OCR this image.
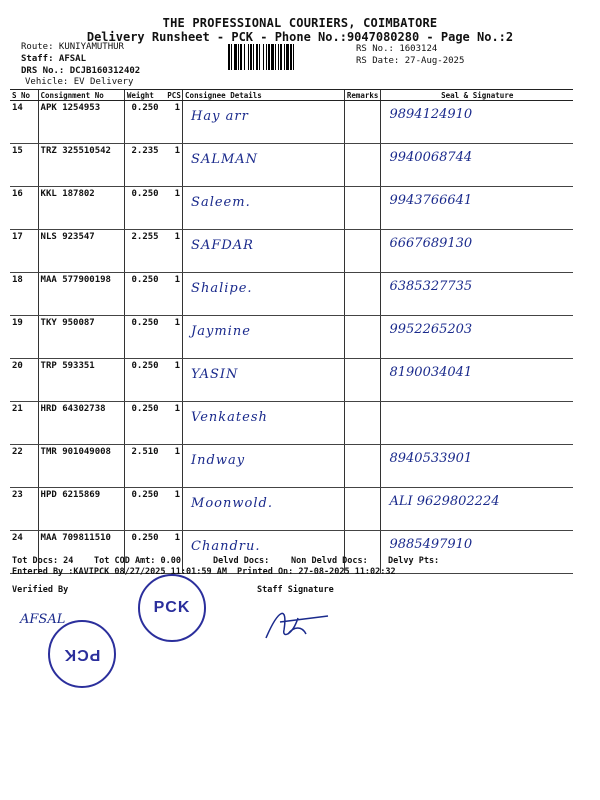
THE PROFESSIONAL COURIERS, COIMBATORE
Delivery Runsheet - PCK - Phone No.:9047080280 - Page No.:2
Route: KUNIYAMUTHUR
Staff: AFSAL
DRS No.: DCJB160312402
Vehicle: EV Delivery
RS No.: 1603124
RS Date: 27-Aug-2025
S No	Consignment No	Weight	PCS	Consignee Details	Remarks	Seal & Signature
14	APK 1254953	0.250	1	Hay arr		9894124910

15	TRZ 325510542	2.235	1	SALMAN		9940068744

16	KKL 187802	0.250	1	Saleem.		9943766641

17	NLS 923547	2.255	1	SAFDAR		6667689130

18	MAA 577900198	0.250	1	Shalipe.		6385327735

19	TKY 950087	0.250	1	Jaymine		9952265203

20	TRP 593351	0.250	1	YASIN		8190034041

21	HRD 64302738	0.250	1	Venkatesh		

22	TMR 901049008	2.510	1	Indway		8940533901

23	HPD 6215869	0.250	1	Moonwold.		ALI 9629802224

24	MAA 709811510	0.250	1	Chandru.		9885497910
Tot Docs: 24 Tot COD Amt: 0.00	Delvd Docs:	Non Delvd Docs: Delvy Pts:
Entered By :KAVIPCK 08/27/2025 11:01:59 AM Printed On: 27-08-2025 11:02:32
Verified By	Staff Signature
AFSAL
PCK
PCK
